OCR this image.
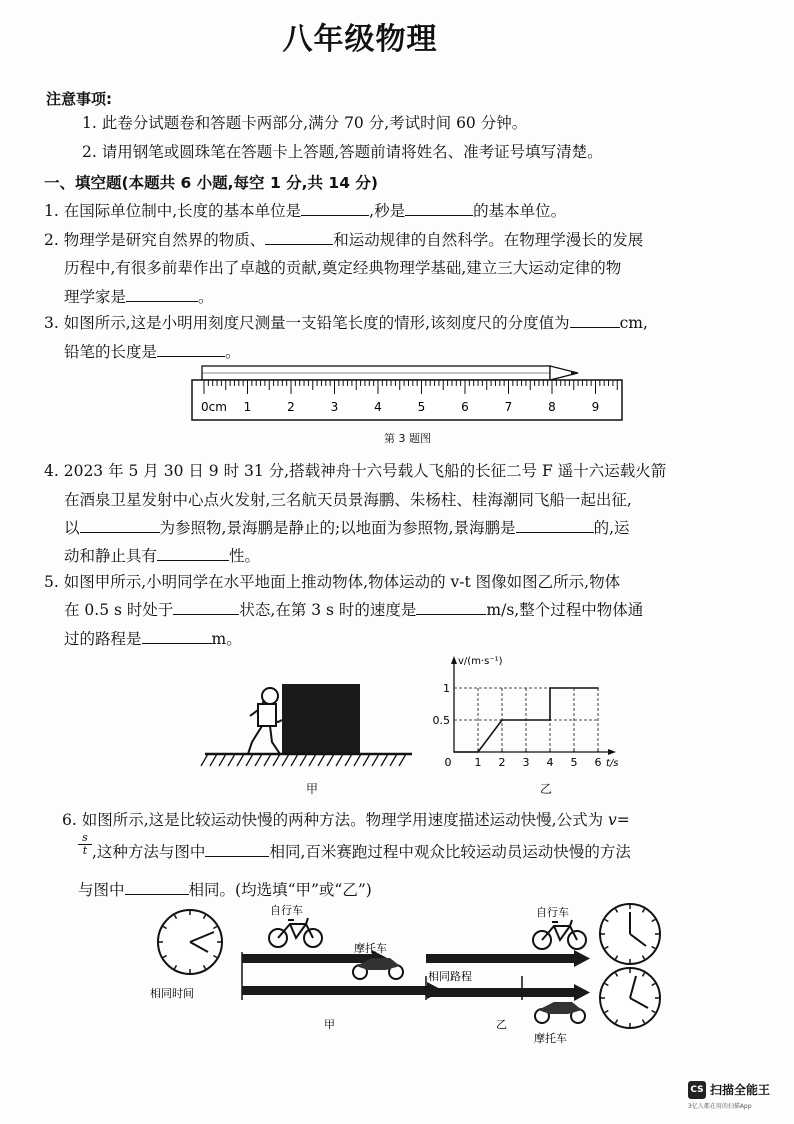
八年级物理
注意事项:
1. 此卷分试题卷和答题卡两部分,满分 70 分,考试时间 60 分钟。
2. 请用钢笔或圆珠笔在答题卡上答题,答题前请将姓名、准考证号填写清楚。
一、填空题(本题共 6 小题,每空 1 分,共 14 分)
1. 在国际单位制中,长度的基本单位是	,秒是	的基本单位。
2. 物理学是研究自然界的物质、	和运动规律的自然科学。在物理学漫长的发展
历程中,有很多前辈作出了卓越的贡献,奠定经典物理学基础,建立三大运动定律的物
理学家是	。
3. 如图所示,这是小明用刻度尺测量一支铅笔长度的情形,该刻度尺的分度值为	cm,
铅笔的长度是	。
0cm 1	2	3	4	5	6	7	8	9
第 3 题图
4. 2023 年 5 月 30 日 9 时 31 分,搭载神舟十六号载人飞船的长征二号 F 遥十六运载火箭
在酒泉卫星发射中心点火发射,三名航天员景海鹏、朱杨柱、桂海潮同飞船一起出征,
以	为参照物,景海鹏是静止的;以地面为参照物,景海鹏是	的,运
动和静止具有	性。
5. 如图甲所示,小明同学在水平地面上推动物体,物体运动的 v-t 图像如图乙所示,物体
在 0.5 s 时处于	状态,在第 3 s 时的速度是	m/s,整个过程中物体通
过的路程是	m。
甲
0 1 2 3 4 5 6
0.5
1
v/(m·s⁻¹)
t/s
乙
6. 如图所示,这是比较运动快慢的两种方法。物理学用速度描述运动快慢,公式为 v=
s
t ,这种方法与图中	相同,百米赛跑过程中观众比较运动员运动快慢的方法
与图中	相同。(均选填“甲”或“乙”)
自行车
摩托车
相同时间
甲
自行车
相同路程
乙
摩托车
CS 扫描全能王
3亿人都在用的扫描App
